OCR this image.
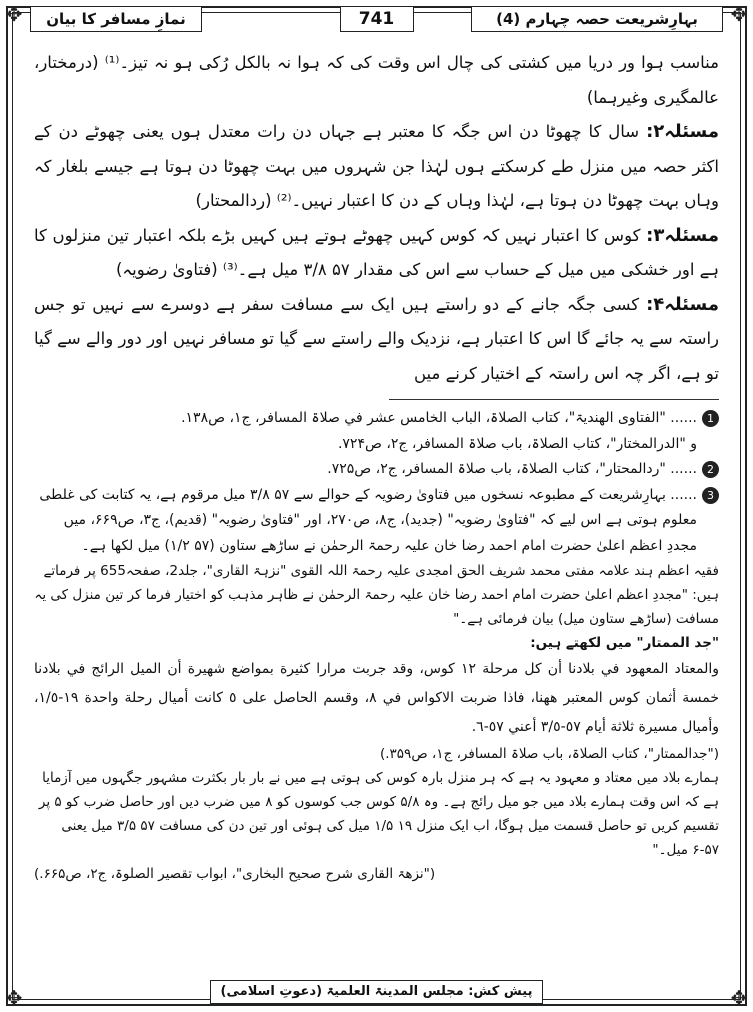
✥	✥
✥	✥
بہارِشریعت حصہ چہارم (4)
741
نمازِ مسافر کا بیان

مناسب ہوا ور دریا میں کشتی کی چال اس وقت کی کہ ہوا نہ بالکل رُکی ہو نہ تیز۔⁽¹⁾ (درمختار، عالمگیری وغیرہما)

مسئلہ۲: سال کا چھوٹا دن اس جگہ کا معتبر ہے جہاں دن رات معتدل ہوں یعنی چھوٹے دن کے اکثر حصہ میں منزل طے کرسکتے ہوں لہٰذا جن شہروں میں بہت چھوٹا دن ہوتا ہے جیسے بلغار کہ وہاں بہت چھوٹا دن ہوتا ہے، لہٰذا وہاں کے دن کا اعتبار نہیں۔⁽²⁾ (ردالمحتار)

مسئلہ۳: کوس کا اعتبار نہیں کہ کوس کہیں چھوٹے ہوتے ہیں کہیں بڑے بلکہ اعتبار تین منزلوں کا ہے اور خشکی میں میل کے حساب سے اس کی مقدار ۵۷ ۳/۸ میل ہے۔⁽³⁾ (فتاویٰ رضویہ)

مسئلہ۴: کسی جگہ جانے کے دو راستے ہیں ایک سے مسافت سفر ہے دوسرے سے نہیں تو جس راستہ سے یہ جائے گا اس کا اعتبار ہے، نزدیک والے راستے سے گیا تو مسافر نہیں اور دور والے سے گیا تو ہے، اگر چہ اس راستہ کے اختیار کرنے میں

1
...... "الفتاوی الھندیۃ"، کتاب الصلاۃ، الباب الخامس عشر في صلاۃ المسافر، ج۱، ص۱۳۸.
و "الدرالمختار"، کتاب الصلاۃ، باب صلاۃ المسافر، ج۲، ص۷۲۴.
2
...... "ردالمحتار"، کتاب الصلاۃ، باب صلاۃ المسافر، ج۲، ص۷۲۵.
3
...... بہارِشریعت کے مطبوعہ نسخوں میں فتاویٰ رضویہ کے حوالے سے ۵۷ ۳/۸ میل مرقوم ہے، یہ کتابت کی غلطی معلوم ہوتی ہے اس لیے کہ "فتاویٰ رضویہ" (جدید)، ج۸، ص۲۷۰، اور "فتاویٰ رضویہ" (قدیم)، ج۳، ص۶۶۹، میں مجددِ اعظم اعلیٰ حضرت امام احمد رضا خان علیہ رحمۃ الرحمٰن نے ساڑھے ستاون (۵۷ ۱/۲) میل لکھا ہے۔

فقیہ اعظم ہند علامہ مفتی محمد شریف الحق امجدی علیہ رحمۃ اللہ القوی "نزہۃ القاری"، جلد2، صفحہ655 پر فرماتے ہیں: "مجددِ اعظم اعلیٰ حضرت امام احمد رضا خان علیہ رحمۃ الرحمٰن نے ظاہر مذہب کو اختیار فرما کر تین منزل کی یہ مسافت (ساڑھے ستاون میل) بیان فرمائی ہے۔"

"جد الممتار" میں لکھتے ہیں:

والمعتاد المعهود في بلادنا أن كل مرحلة ١٢ كوس، وقد جربت مرارا كثيرة بمواضع شهيرة أن الميل الرائج في بلادنا خمسة أثمان كوس المعتبر ههنا، فاذا ضربت الاكواس في ٨، وقسم الحاصل على ٥ كانت أميال رحلة واحدة ١٩-١/٥، وأميال مسيرة ثلاثة أيام ٥٧-٣/٥ أعني ٥٧-٦.

("جدالممتار"، کتاب الصلاۃ، باب صلاۃ المسافر، ج۱، ص۳۵۹.)

ہمارے بلاد میں معتاد و معہود یہ ہے کہ ہر منزل بارہ کوس کی ہوتی ہے میں نے بار بار بکثرت مشہور جگہوں میں آزمایا ہے کہ اس وقت ہمارے بلاد میں جو میل رائج ہے۔ وہ ۵/۸ کوس جب کوسوں کو ۸ میں ضرب دیں اور حاصل ضرب کو ۵ پر تقسیم کریں تو حاصل قسمت میل ہوگا، اب ایک منزل ۱۹ ۱/۵ میل کی ہوئی اور تین دن کی مسافت ۵۷ ۳/۵ میل یعنی ۵۷-۶ میل۔"

("نزھۃ القاری شرح صحیح البخاری"، ابواب تقصیر الصلوۃ، ج۲، ص۶۶۵.)

پیش کش: مجلس المدینۃ العلمیۃ (دعوتِ اسلامی)
